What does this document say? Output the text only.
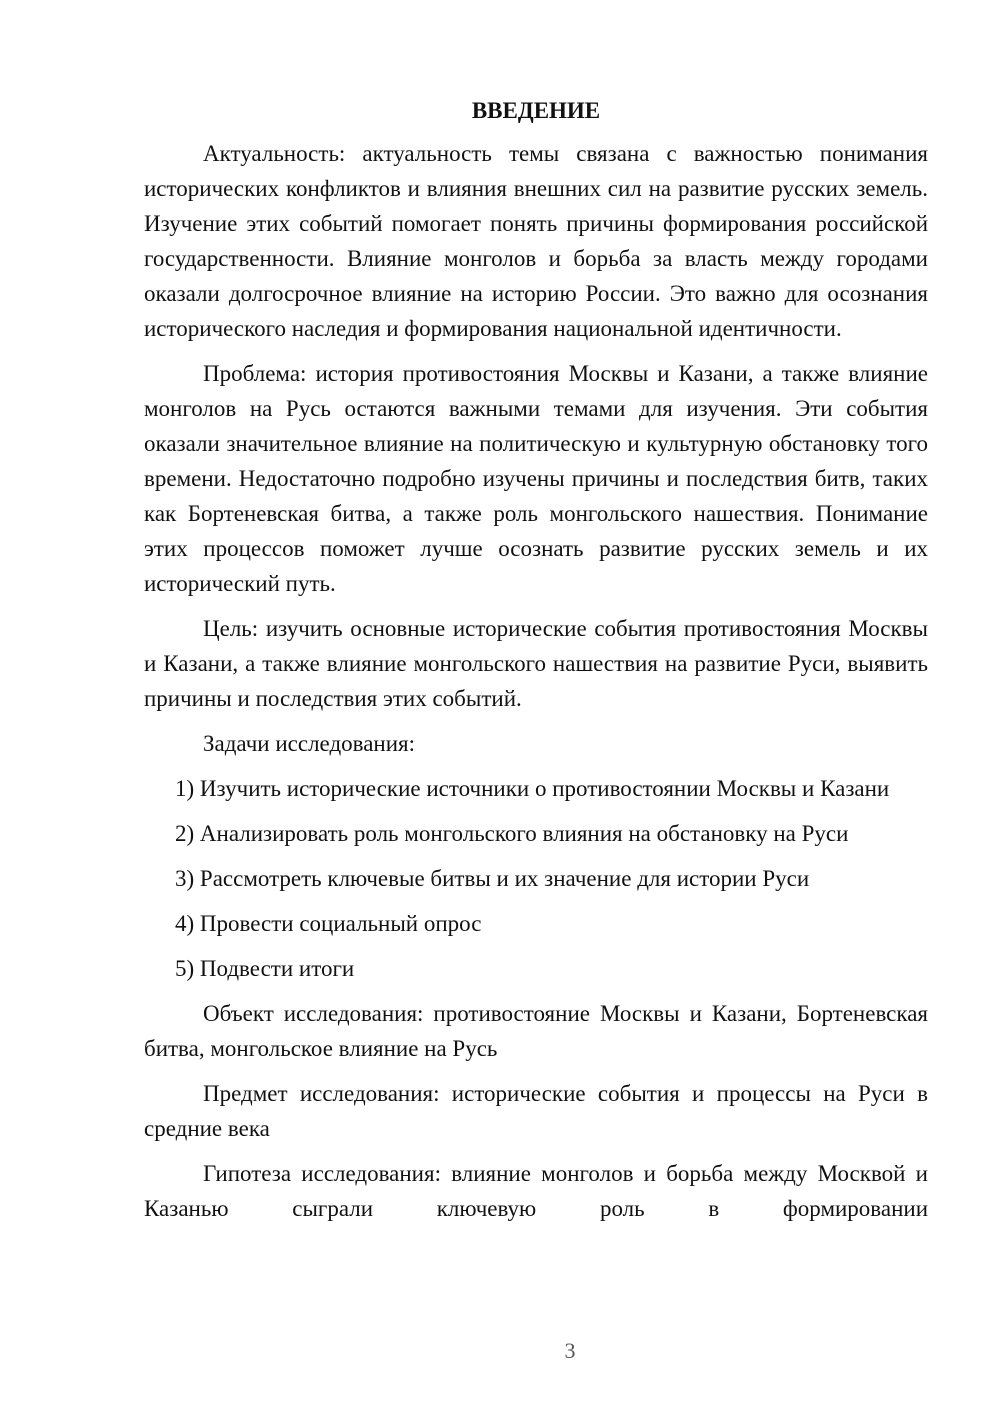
ВВЕДЕНИЕ

Актуальность: актуальность темы связана с важностью понимания исторических конфликтов и влияния внешних сил на развитие русских земель. Изучение этих событий помогает понять причины формирования российской государственности. Влияние монголов и борьба за власть между городами оказали долгосрочное влияние на историю России. Это важно для осознания исторического наследия и формирования национальной идентичности.

Проблема: история противостояния Москвы и Казани, а также влияние монголов на Русь остаются важными темами для изучения. Эти события оказали значительное влияние на политическую и культурную обстановку того времени. Недостаточно подробно изучены причины и последствия битв, таких как Бортеневская битва, а также роль монгольского нашествия. Понимание этих процессов поможет лучше осознать развитие русских земель и их исторический путь.

Цель: изучить основные исторические события противостояния Москвы и Казани, а также влияние монгольского нашествия на развитие Руси, выявить причины и последствия этих событий.

Задачи исследования:

1) Изучить исторические источники о противостоянии Москвы и Казани

2) Анализировать роль монгольского влияния на обстановку на Руси

3) Рассмотреть ключевые битвы и их значение для истории Руси

4) Провести социальный опрос

5) Подвести итоги

Объект исследования: противостояние Москвы и Казани, Бортеневская битва, монгольское влияние на Русь

Предмет исследования: исторические события и процессы на Руси в средние века

Гипотеза исследования: влияние монголов и борьба между Москвой и Казанью сыграли ключевую роль в формировании

3
